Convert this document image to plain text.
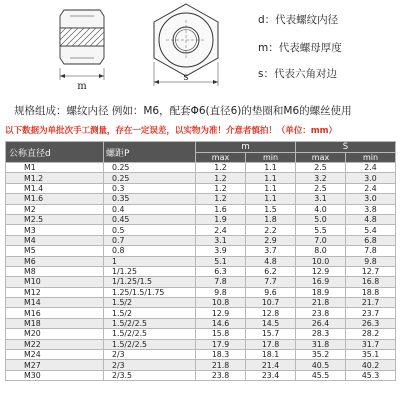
m
s
d：代表螺纹内径
m：代表螺母厚度
s：代表六角对边
规格组成：螺纹内径 例如：M6，配套Φ6(直径6)的垫圈和M6的螺丝使用
以下数据为单批次手工测量，存在一定误差，以实物为准！介意者慎拍！（单位：mm）
公称直径d	螺距P	m		S	
		max	min	max	min
M1	0.25	1.2	1.1	2.5	2.4
M1.2	0.25	1.2	1.1	3.2	3.0
M1.4	0.3	1.2	1.1	2.5	2.4
M1.6	0.35	1.2	1.1	3.1	3.0
M2	0.4	1.6	1.5	4.0	3.8
M2.5	0.45	1.9	1.8	5.0	4.8
M3	0.5	2.4	2.2	5.5	5.4
M4	0.7	3.1	2.9	7.0	6.8
M5	0.8	3.9	3.7	8.0	7.8
M6	1	5.1	4.8	10.0	9.8
M8	1/1.25	6.3	6.2	12.9	12.7
M10	1/1.25/1.5	7.8	7.7	16.9	16.8
M12	1.25/1.5/1.75	9.8	9.6	18.9	18.8
M14	1.5/2	10.8	10.7	21.8	21.7
M16	1.5/2	12.9	12.8	23.8	23.7
M18	1.5/2/2.5	14.6	14.5	26.4	26.3
M20	1.5/2/2.5	15.8	15.7	28.3	28.2
M22	1.5/2/2.5	17.9	17.8	31.8	31.7
M24	2/3	18.3	18.1	35.2	35.1
M27	2/3	21.8	21.4	40.5	40.2
M30	2/3.5	23.8	23.4	45.5	45.3
